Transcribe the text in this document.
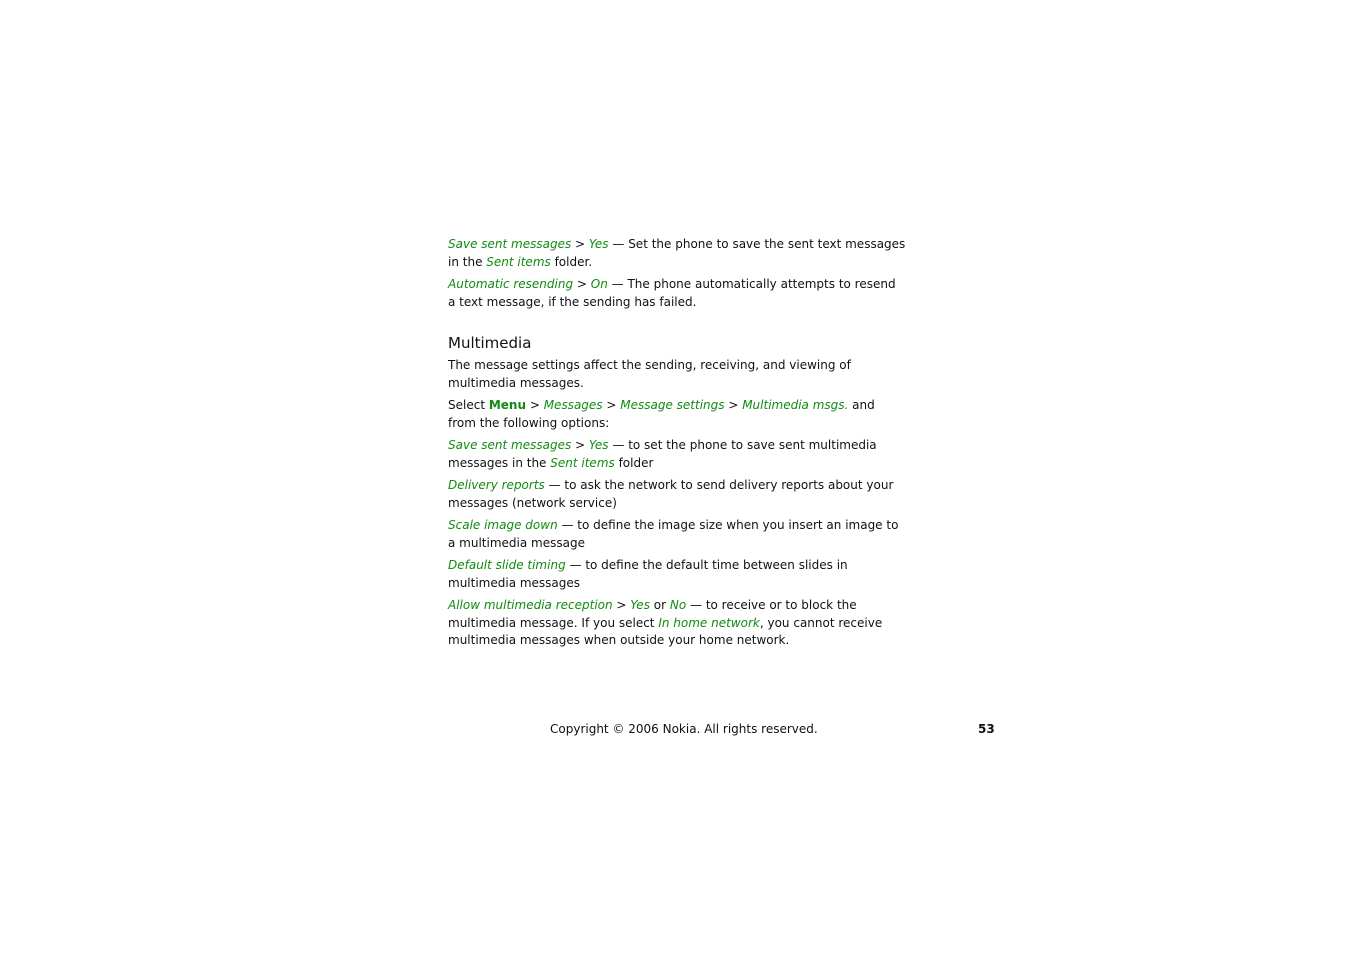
Save sent messages > Yes — Set the phone to save the sent text messages in the Sent items folder.

Automatic resending > On — The phone automatically attempts to resend a text message, if the sending has failed.

Multimedia

The message settings affect the sending, receiving, and viewing of multimedia messages.

Select Menu > Messages > Message settings > Multimedia msgs. and from the following options:

Save sent messages > Yes — to set the phone to save sent multimedia messages in the Sent items folder

Delivery reports — to ask the network to send delivery reports about your messages (network service)

Scale image down — to define the image size when you insert an image to a multimedia message

Default slide timing — to define the default time between slides in multimedia messages

Allow multimedia reception > Yes or No — to receive or to block the multimedia message. If you select In home network, you cannot receive multimedia messages when outside your home network.

Copyright © 2006 Nokia. All rights reserved.	53
